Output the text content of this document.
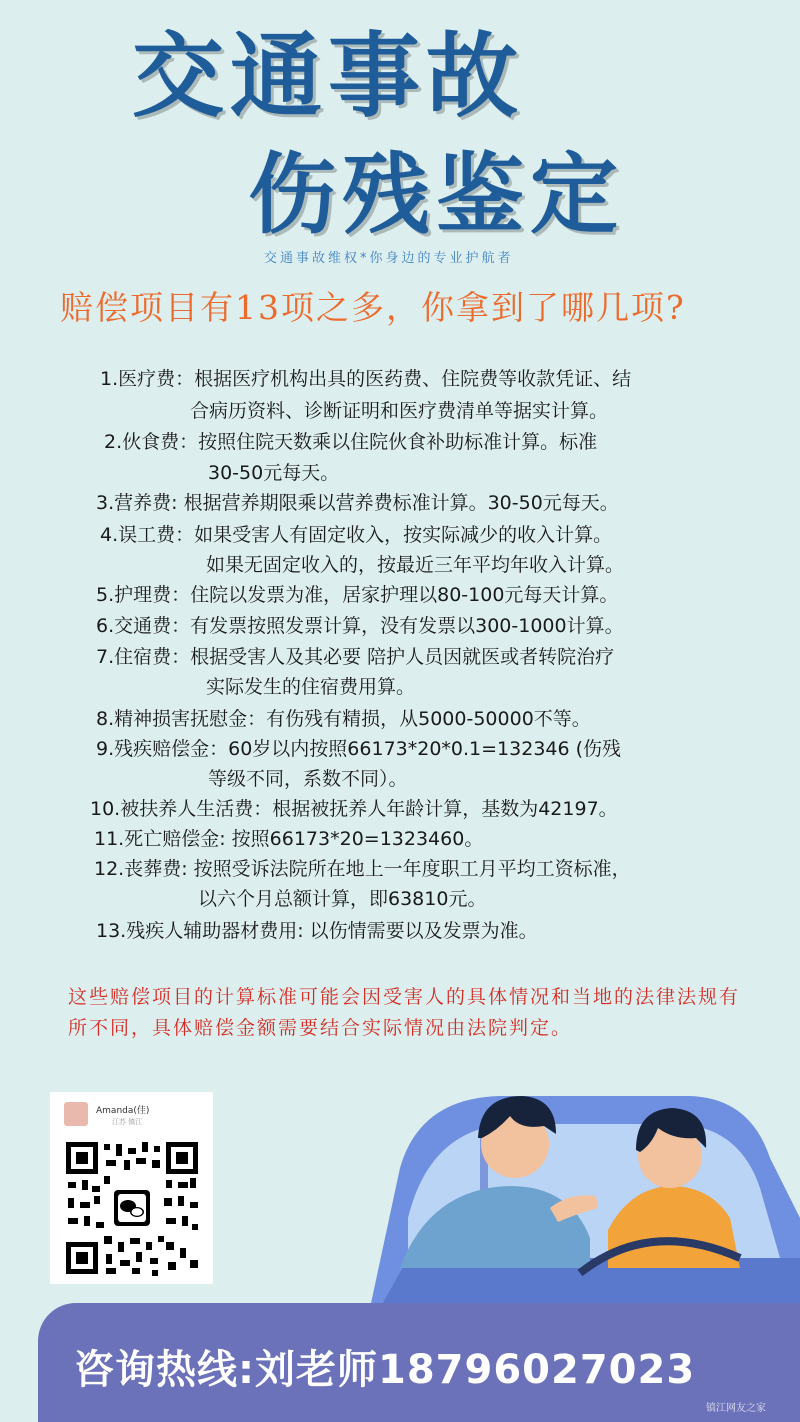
交通事故
伤残鉴定
交通事故维权*你身边的专业护航者
赔偿项目有13项之多，你拿到了哪几项?
1.医疗费：根据医疗机构出具的医药费、住院费等收款凭证、结
合病历资料、诊断证明和医疗费清单等据实计算。
2.伙食费：按照住院天数乘以住院伙食补助标准计算。标准
30-50元每天。
3.营养费: 根据营养期限乘以营养费标准计算。30-50元每天。
4.误工费：如果受害人有固定收入，按实际减少的收入计算。
如果无固定收入的，按最近三年平均年收入计算。
5.护理费：住院以发票为准，居家护理以80-100元每天计算。
6.交通费：有发票按照发票计算，没有发票以300-1000计算。
7.住宿费：根据受害人及其必要 陪护人员因就医或者转院治疗
实际发生的住宿费用算。
8.精神损害抚慰金：有伤残有精损，从5000-50000不等。
9.残疾赔偿金：60岁以内按照66173*20*0.1=132346 (伤残
等级不同，系数不同）。
10.被扶养人生活费：根据被抚养人年龄计算，基数为42197。
11.死亡赔偿金: 按照66173*20=1323460。
12.丧葬费: 按照受诉法院所在地上一年度职工月平均工资标准，
以六个月总额计算，即63810元。
13.残疾人辅助器材费用: 以伤情需要以及发票为准。
这些赔偿项目的计算标准可能会因受害人的具体情况和当地的法律法规有所不同，具体赔偿金额需要结合实际情况由法院判定。
Amanda(佳)
江苏 镇江
咨询热线:刘老师18796027023
镇江网友之家
